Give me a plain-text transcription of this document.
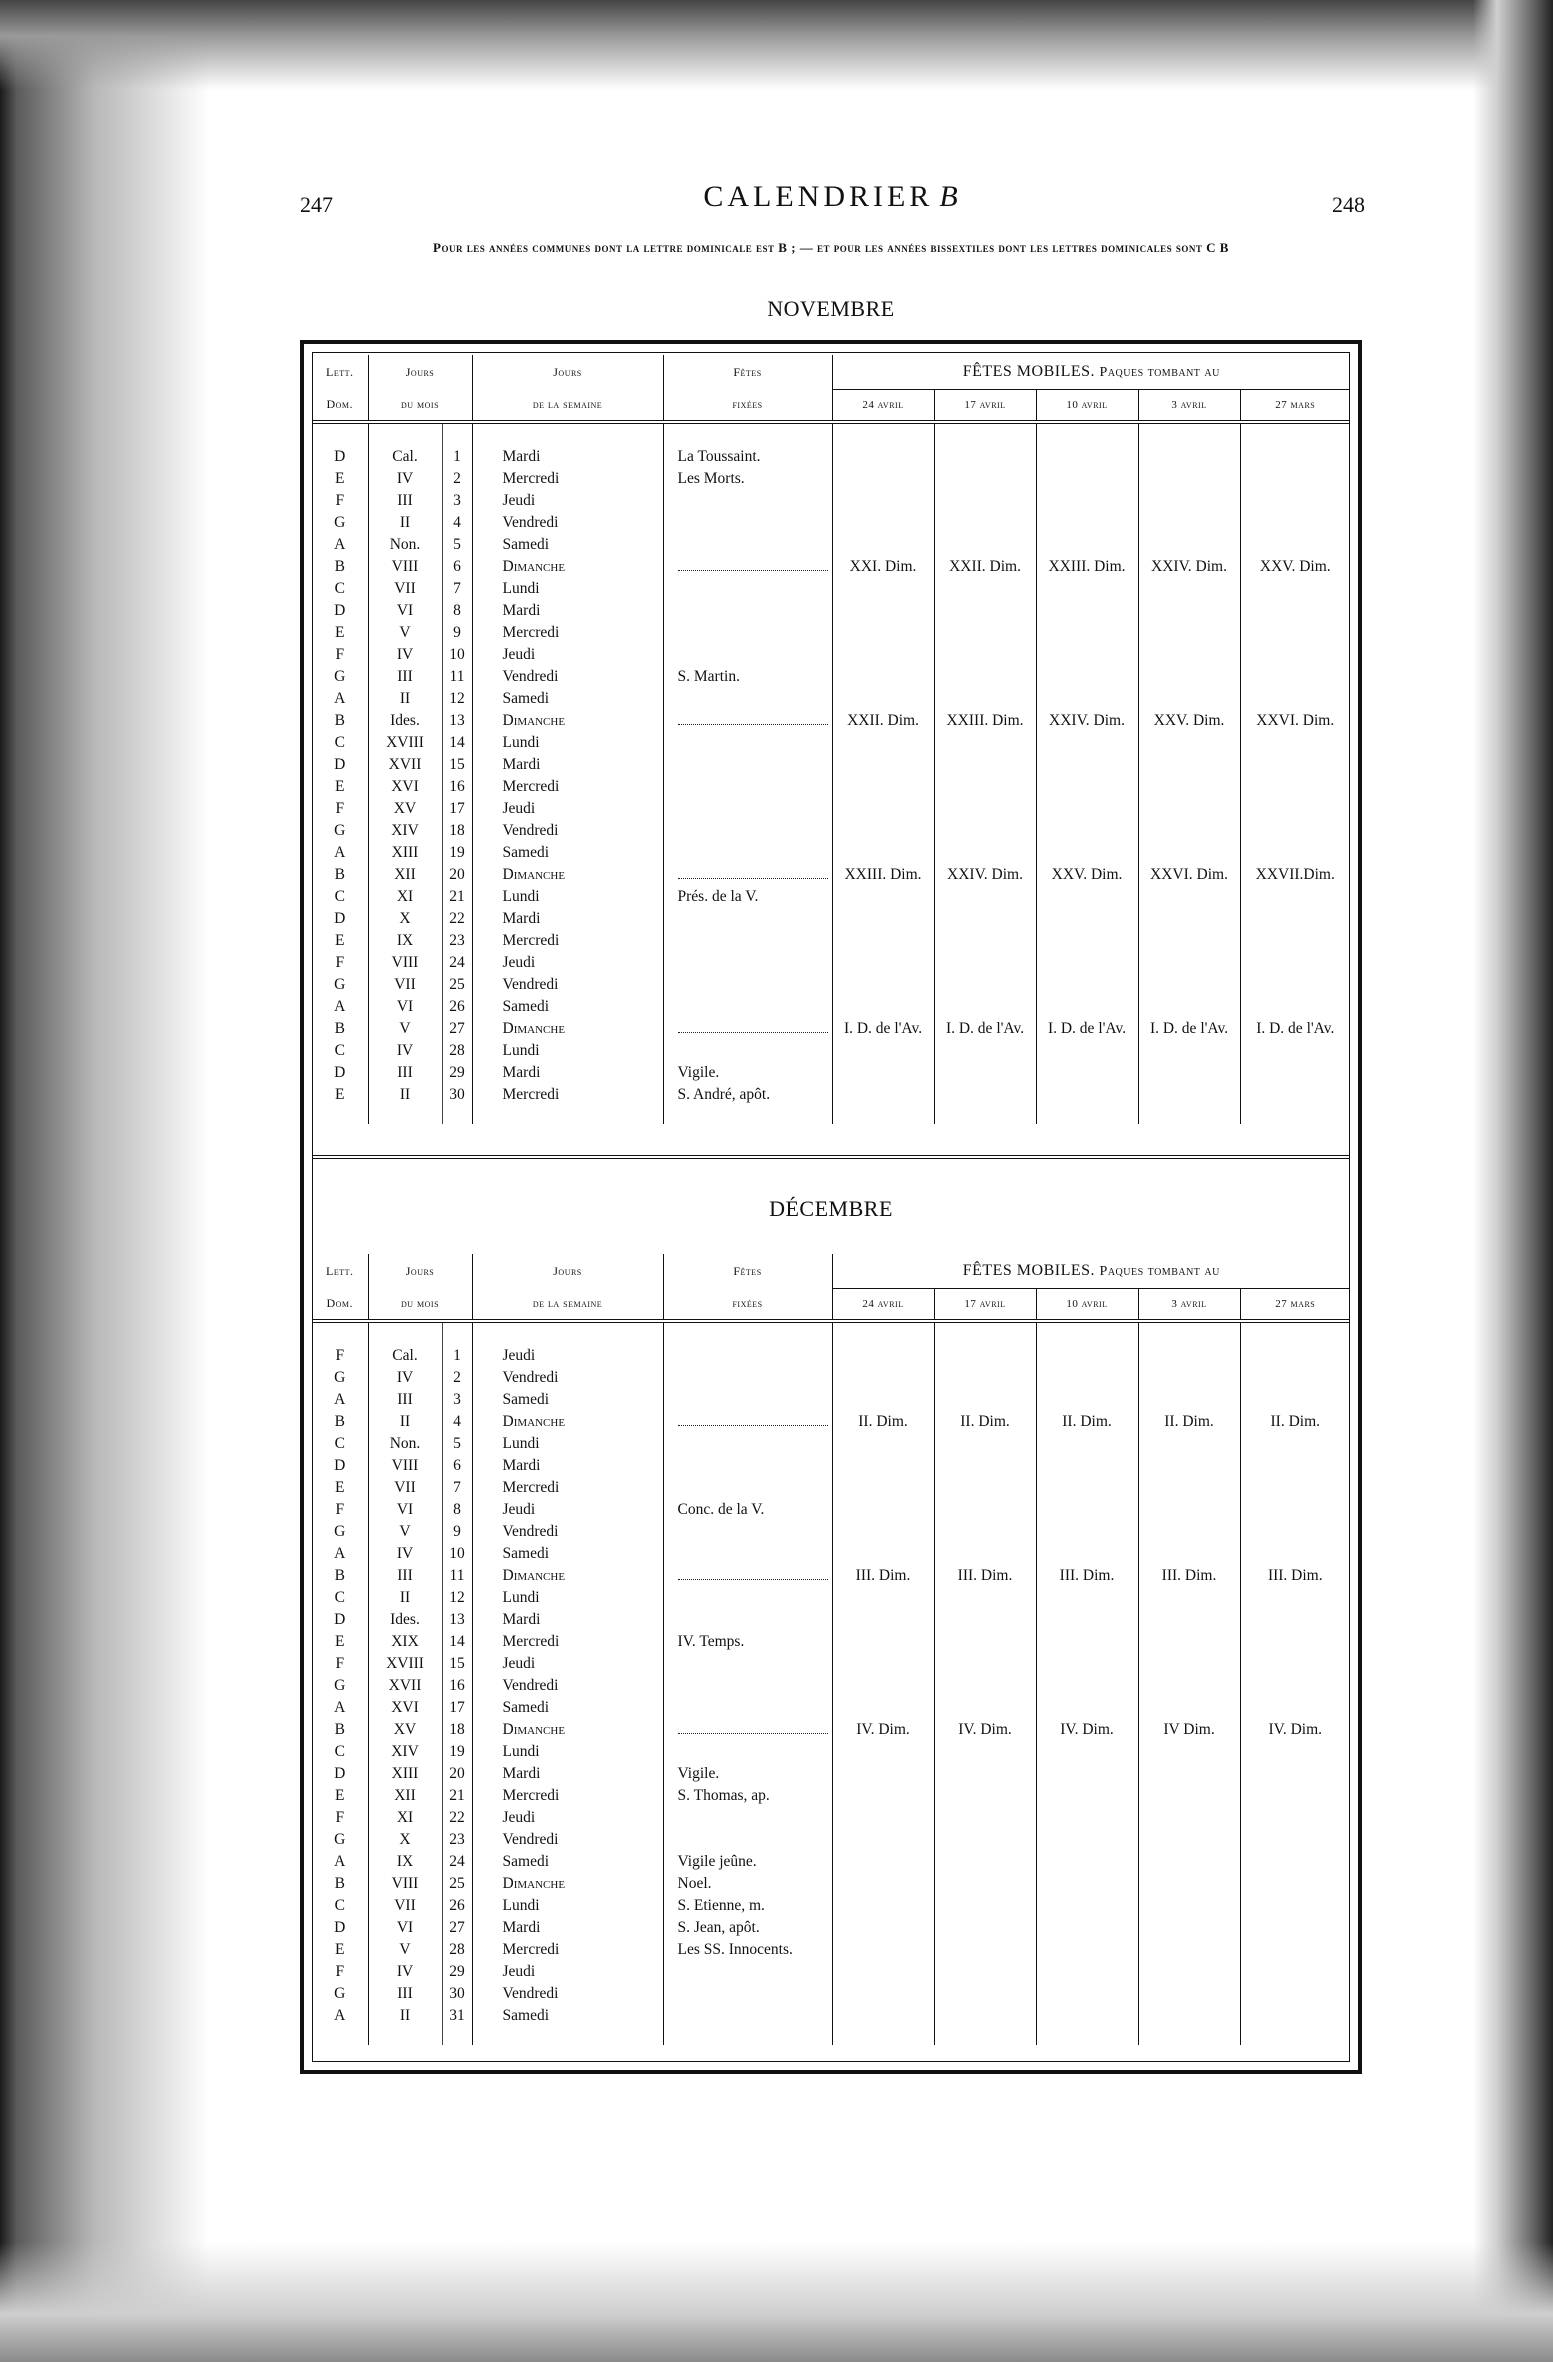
247	CALENDRIER B	248
Pour les années communes dont la lettre dominicale est B ; — et pour les années bissextiles dont les lettres dominicales sont C B
NOVEMBRE
Lett.	Jours		Jours	Fêtes	FÊTES MOBILES. Paques tombant au				
Dom.	du mois		de la semaine	fixées	24 avril	17 avril	10 avril	3 avril	27 mars

D	Cal.	1	Mardi	La Toussaint.					
E	IV	2	Mercredi	Les Morts.					
F	III	3	Jeudi						
G	II	4	Vendredi						
A	Non.	5	Samedi						
B	VIII	6	Dimanche		XXI. Dim.	XXII. Dim.	XXIII. Dim.	XXIV. Dim.	XXV. Dim.
C	VII	7	Lundi						
D	VI	8	Mardi						
E	V	9	Mercredi						
F	IV	10	Jeudi						
G	III	11	Vendredi	S. Martin.					
A	II	12	Samedi						
B	Ides.	13	Dimanche		XXII. Dim.	XXIII. Dim.	XXIV. Dim.	XXV. Dim.	XXVI. Dim.
C	XVIII	14	Lundi						
D	XVII	15	Mardi						
E	XVI	16	Mercredi						
F	XV	17	Jeudi						
G	XIV	18	Vendredi						
A	XIII	19	Samedi						
B	XII	20	Dimanche		XXIII. Dim.	XXIV. Dim.	XXV. Dim.	XXVI. Dim.	XXVII.Dim.
C	XI	21	Lundi	Prés. de la V.					
D	X	22	Mardi						
E	IX	23	Mercredi						
F	VIII	24	Jeudi						
G	VII	25	Vendredi						
A	VI	26	Samedi						
B	V	27	Dimanche		I. D. de l'Av.	I. D. de l'Av.	I. D. de l'Av.	I. D. de l'Av.	I. D. de l'Av.
C	IV	28	Lundi						
D	III	29	Mardi	Vigile.					
E	II	30	Mercredi	S. André, apôt.					

DÉCEMBRE
Lett.	Jours		Jours	Fêtes	FÊTES MOBILES. Paques tombant au				
Dom.	du mois		de la semaine	fixées	24 avril	17 avril	10 avril	3 avril	27 mars

F	Cal.	1	Jeudi						
G	IV	2	Vendredi						
A	III	3	Samedi						
B	II	4	Dimanche		II. Dim.	II. Dim.	II. Dim.	II. Dim.	II. Dim.
C	Non.	5	Lundi						
D	VIII	6	Mardi						
E	VII	7	Mercredi						
F	VI	8	Jeudi	Conc. de la V.					
G	V	9	Vendredi						
A	IV	10	Samedi						
B	III	11	Dimanche		III. Dim.	III. Dim.	III. Dim.	III. Dim.	III. Dim.
C	II	12	Lundi						
D	Ides.	13	Mardi						
E	XIX	14	Mercredi	IV. Temps.					
F	XVIII	15	Jeudi						
G	XVII	16	Vendredi						
A	XVI	17	Samedi						
B	XV	18	Dimanche		IV. Dim.	IV. Dim.	IV. Dim.	IV Dim.	IV. Dim.
C	XIV	19	Lundi						
D	XIII	20	Mardi	Vigile.					
E	XII	21	Mercredi	S. Thomas, ap.					
F	XI	22	Jeudi						
G	X	23	Vendredi						
A	IX	24	Samedi	Vigile jeûne.					
B	VIII	25	Dimanche	Noel.					
C	VII	26	Lundi	S. Etienne, m.					
D	VI	27	Mardi	S. Jean, apôt.					
E	V	28	Mercredi	Les SS. Innocents.					
F	IV	29	Jeudi						
G	III	30	Vendredi						
A	II	31	Samedi						
